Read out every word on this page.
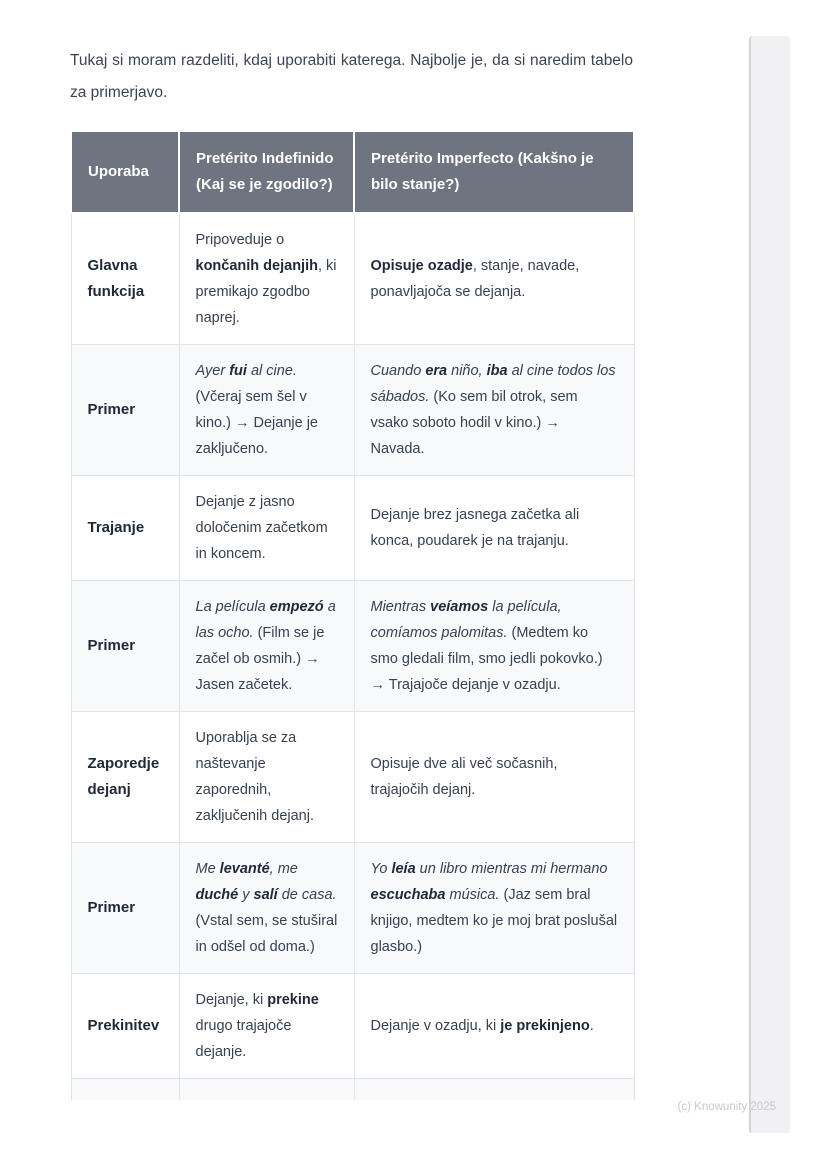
Tukaj si moram razdeliti, kdaj uporabiti katerega. Najbolje je, da si naredim tabelo za primerjavo.

Uporaba	Pretérito Indefinido (Kaj se je zgodilo?)	Pretérito Imperfecto (Kakšno je bilo stanje?)
Glavna funkcija	Pripoveduje o končanih dejanjih, ki premikajo zgodbo naprej.	Opisuje ozadje, stanje, navade, ponavljajoča se dejanja.
Primer	Ayer fui al cine. (Včeraj sem šel v kino.) → Dejanje je zaključeno.	Cuando era niño, iba al cine todos los sábados. (Ko sem bil otrok, sem vsako soboto hodil v kino.) → Navada.
Trajanje	Dejanje z jasno določenim začetkom in koncem.	Dejanje brez jasnega začetka ali konca, poudarek je na trajanju.
Primer	La película empezó a las ocho. (Film se je začel ob osmih.) → Jasen začetek.	Mientras veíamos la película, comíamos palomitas. (Medtem ko smo gledali film, smo jedli pokovko.) → Trajajoče dejanje v ozadju.
Zaporedje dejanj	Uporablja se za naštevanje zaporednih, zaključenih dejanj.	Opisuje dve ali več sočasnih, trajajočih dejanj.
Primer	Me levanté, me duché y salí de casa. (Vstal sem, se stuširal in odšel od doma.)	Yo leía un libro mientras mi hermano escuchaba música. (Jaz sem bral knjigo, medtem ko je moj brat poslušal glasbo.)
Prekinitev	Dejanje, ki prekine drugo trajajoče dejanje.	Dejanje v ozadju, ki je prekinjeno.

(c) Knowunity 2025
